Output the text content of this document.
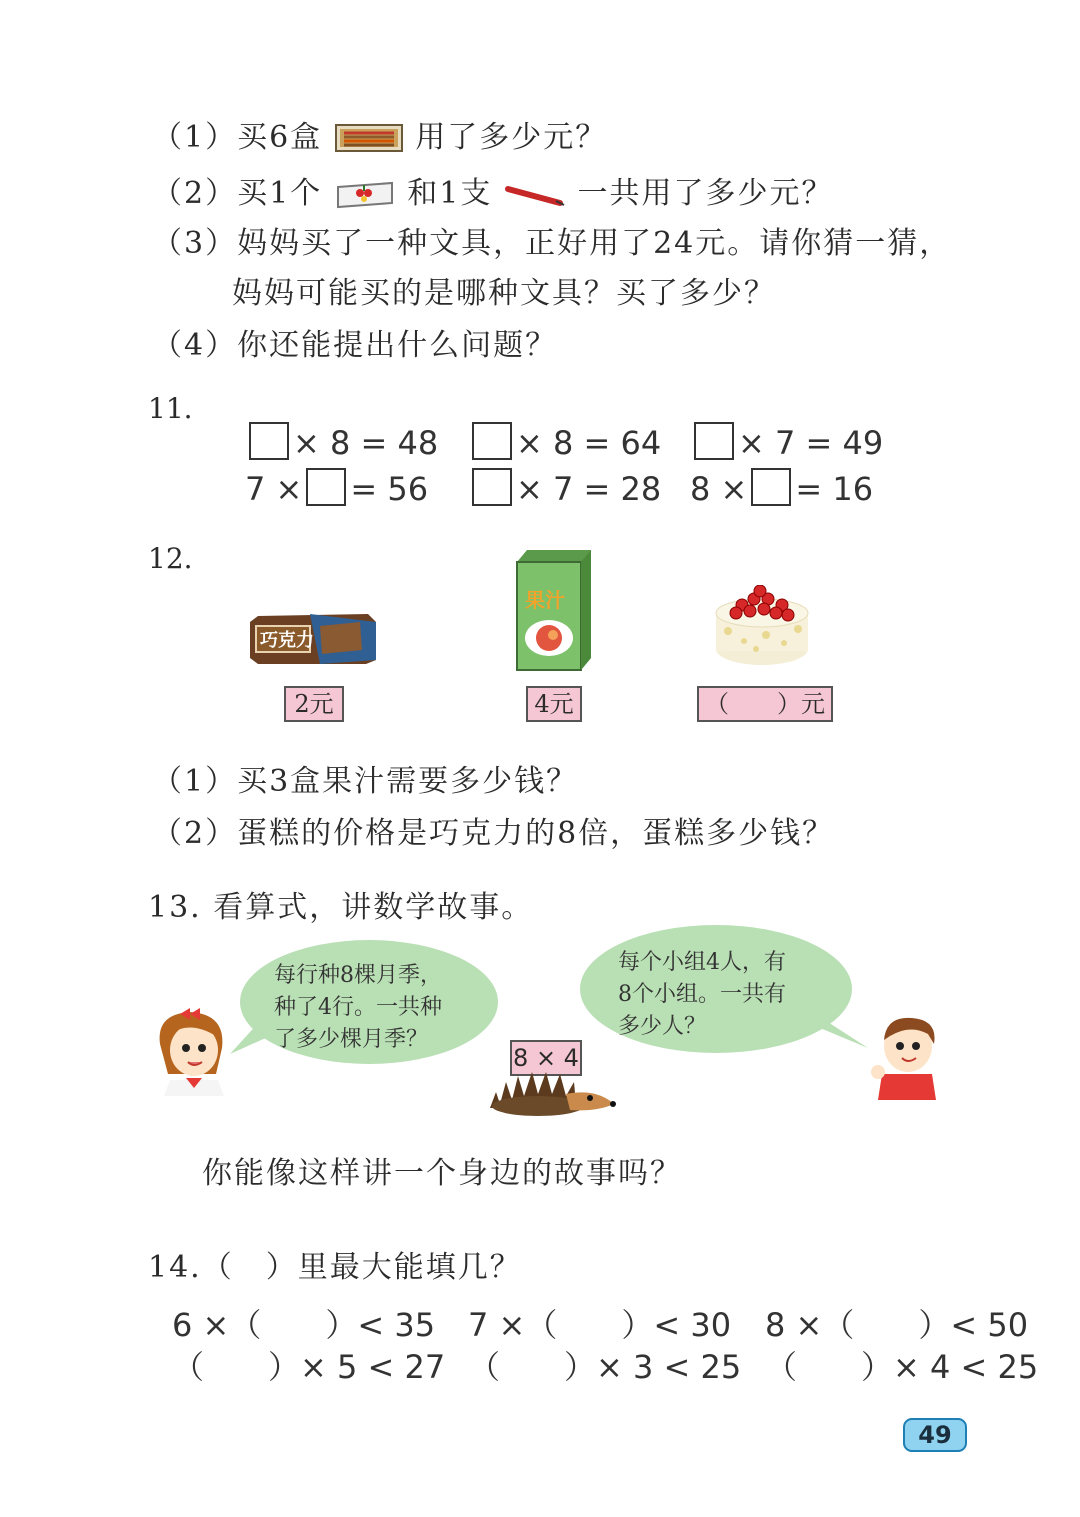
（1）买6盒	用了多少元？
（2）买1个	和1支	一共用了多少元？
（3）妈妈买了一种文具，正好用了24元。请你猜一猜，
妈妈可能买的是哪种文具？买了多少？
（4）你还能提出什么问题？
11.
× 8 = 48	× 8 = 64	× 7 = 49
7 × = 56	× 7 = 28 8 × = 16
12.
巧克力
果汁
2元	4元	（　　）元
（1）买3盒果汁需要多少钱？
（2）蛋糕的价格是巧克力的8倍，蛋糕多少钱？
13. 看算式，讲数学故事。
每行种8棵月季，
种了4行。一共种
了多少棵月季？
每个小组4人，有
8个小组。一共有
多少人？
8 × 4
你能像这样讲一个身边的故事吗？
14.（　）里最大能填几？
6 ×（　　）< 35 7 ×（　　）< 30 8 ×（　　）< 50
（　　）× 5 < 27 （　　）× 3 < 25 （　　）× 4 < 25
49
